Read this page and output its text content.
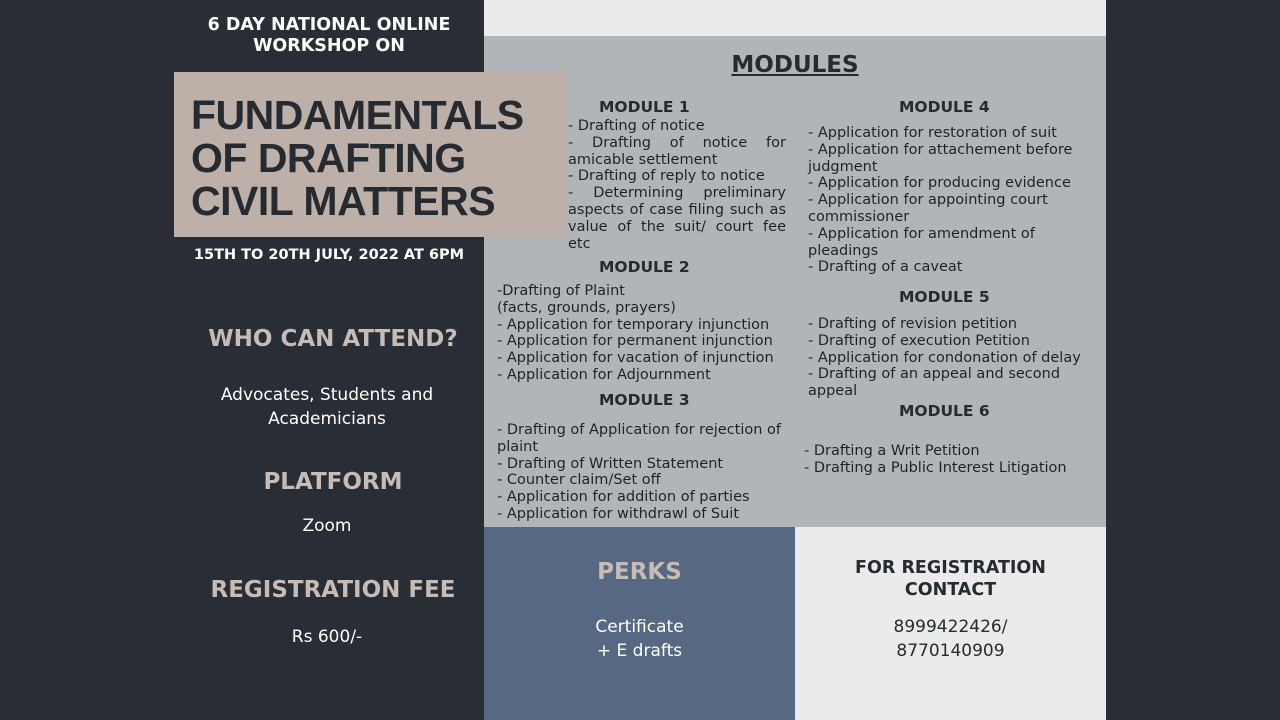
6 DAY NATIONAL ONLINE
WORKSHOP ON
15TH TO 20TH JULY, 2022 AT 6PM
WHO CAN ATTEND?
Advocates, Students and
Academicians
PLATFORM
Zoom
REGISTRATION FEE
Rs 600/-
MODULES
MODULE 1

- Drafting of notice

- Drafting of notice for amicable settlement

- Drafting of reply to notice

- Determining preliminary aspects of case filing such as value of the suit/ court fee etc

MODULE 2

-Drafting of Plaint

(facts, grounds, prayers)

- Application for temporary injunction

- Application for permanent injunction

- Application for vacation of injunction

- Application for Adjournment

MODULE 3

- Drafting of Application for rejection of plaint

- Drafting of Written Statement

- Counter claim/Set off

- Application for addition of parties

- Application for withdrawl of Suit

MODULE 4

- Application for restoration of suit

- Application for attachement before judgment

- Application for producing evidence

- Application for appointing court commissioner

- Application for amendment of pleadings

- Drafting of a caveat

MODULE 5

- Drafting of revision petition

- Drafting of execution Petition

- Application for condonation of delay

- Drafting of an appeal and second appeal

MODULE 6

- Drafting a Writ Petition

- Drafting a Public Interest Litigation

FUNDAMENTALS
OF DRAFTING
CIVIL MATTERS
PERKS
Certificate
+ E drafts
FOR REGISTRATION
CONTACT
8999422426/
8770140909
